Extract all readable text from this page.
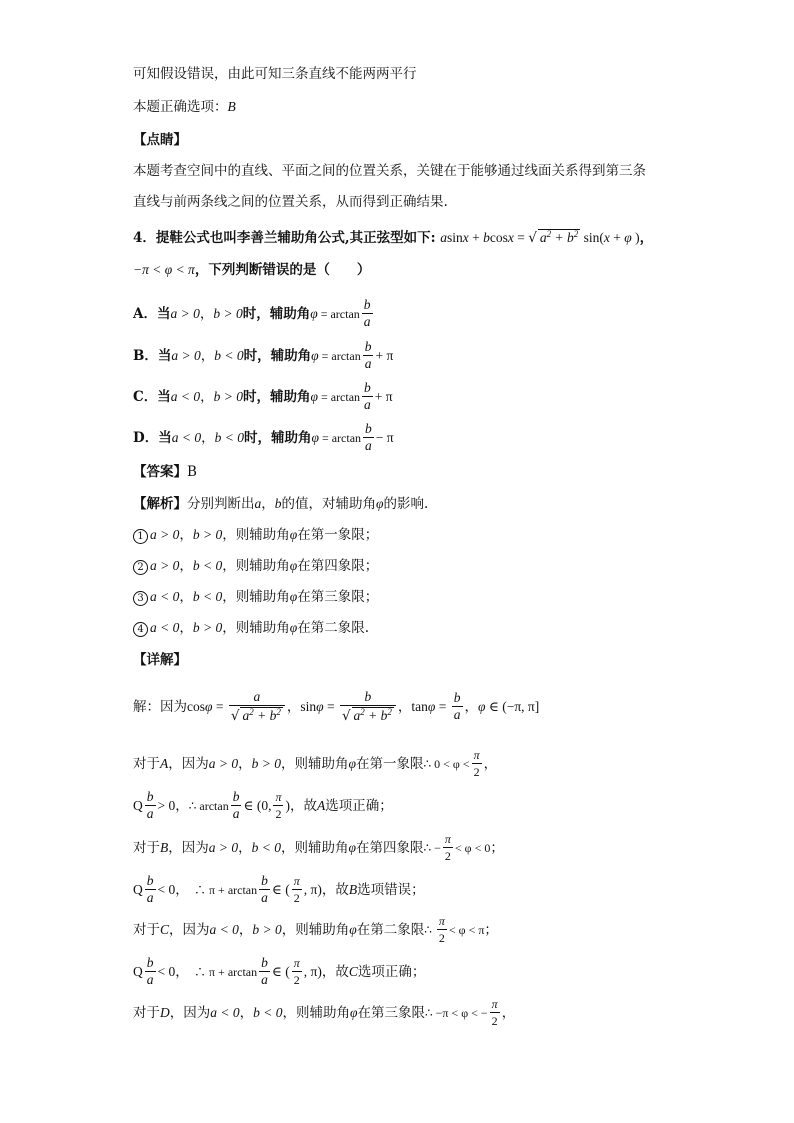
可知假设错误，由此可知三条直线不能两两平行
本题正确选项：B
【点睛】
本题考查空间中的直线、平面之间的位置关系，关键在于能够通过线面关系得到第三条
直线与前两条线之间的位置关系，从而得到正确结果.
4．提鞋公式也叫李善兰辅助角公式,其正弦型如下: asinx + bcosx = √ $a^2 + b^2$ sin(x + φ )，
−π < φ < π，下列判断错误的是（　　）
A．当a > 0，b > 0时，辅助角$\varphi = \arctan \frac{b}{a}$
B．当a > 0，b < 0时，辅助角$\varphi = \arctan \frac{b}{a} + \pi$
C．当a < 0，b > 0时，辅助角$\varphi = \arctan \frac{b}{a} + \pi$
D．当a < 0，b < 0时，辅助角$\varphi = \arctan \frac{b}{a} - \pi$
【答案】B
【解析】分别判断出a，b的值，对辅助角φ的影响.
1 a > 0，b > 0，则辅助角φ在第一象限；
2 a > 0，b < 0，则辅助角φ在第四象限；
3 a < 0，b < 0，则辅助角φ在第三象限；
4 a < 0，b > 0，则辅助角φ在第二象限.
【详解】
解：因为$\cos\varphi = \frac{a}{√ a^2 + b^2}$ ，$\sin\varphi = \frac{b}{√ a^2 + b^2}$ ，$\tan\varphi = \frac{b}{a}$ ，φ ∈ (−π, π]
对于A，因为a > 0，b > 0，则辅助角φ在第一象限∴ $0 < \varphi < \frac{\pi}{2}$ ，
Q $\frac{b}{a} > 0$，∴ $\arctan \frac{b}{a}$ ∈ (0, $\frac{\pi}{2}$ )，故A选项正确；
对于B，因为a > 0，b < 0，则辅助角φ在第四象限∴ − $\frac{\pi}{2} < \varphi < 0$；
Q $\frac{b}{a} < 0$，　∴ $\pi + \arctan \frac{b}{a}$ ∈ ( $\frac{\pi}{2}$ , π)，故B选项错误；
对于C，因为a < 0，b > 0，则辅助角φ在第二象限∴ $\frac{\pi}{2} < \varphi < \pi$；
Q $\frac{b}{a} < 0$，　∴ $\pi + \arctan \frac{b}{a}$ ∈ ( $\frac{\pi}{2}$ , π)，故C选项正确；
对于D，因为a < 0，b < 0，则辅助角φ在第三象限∴ −π < φ < − $\frac{\pi}{2}$ ，
